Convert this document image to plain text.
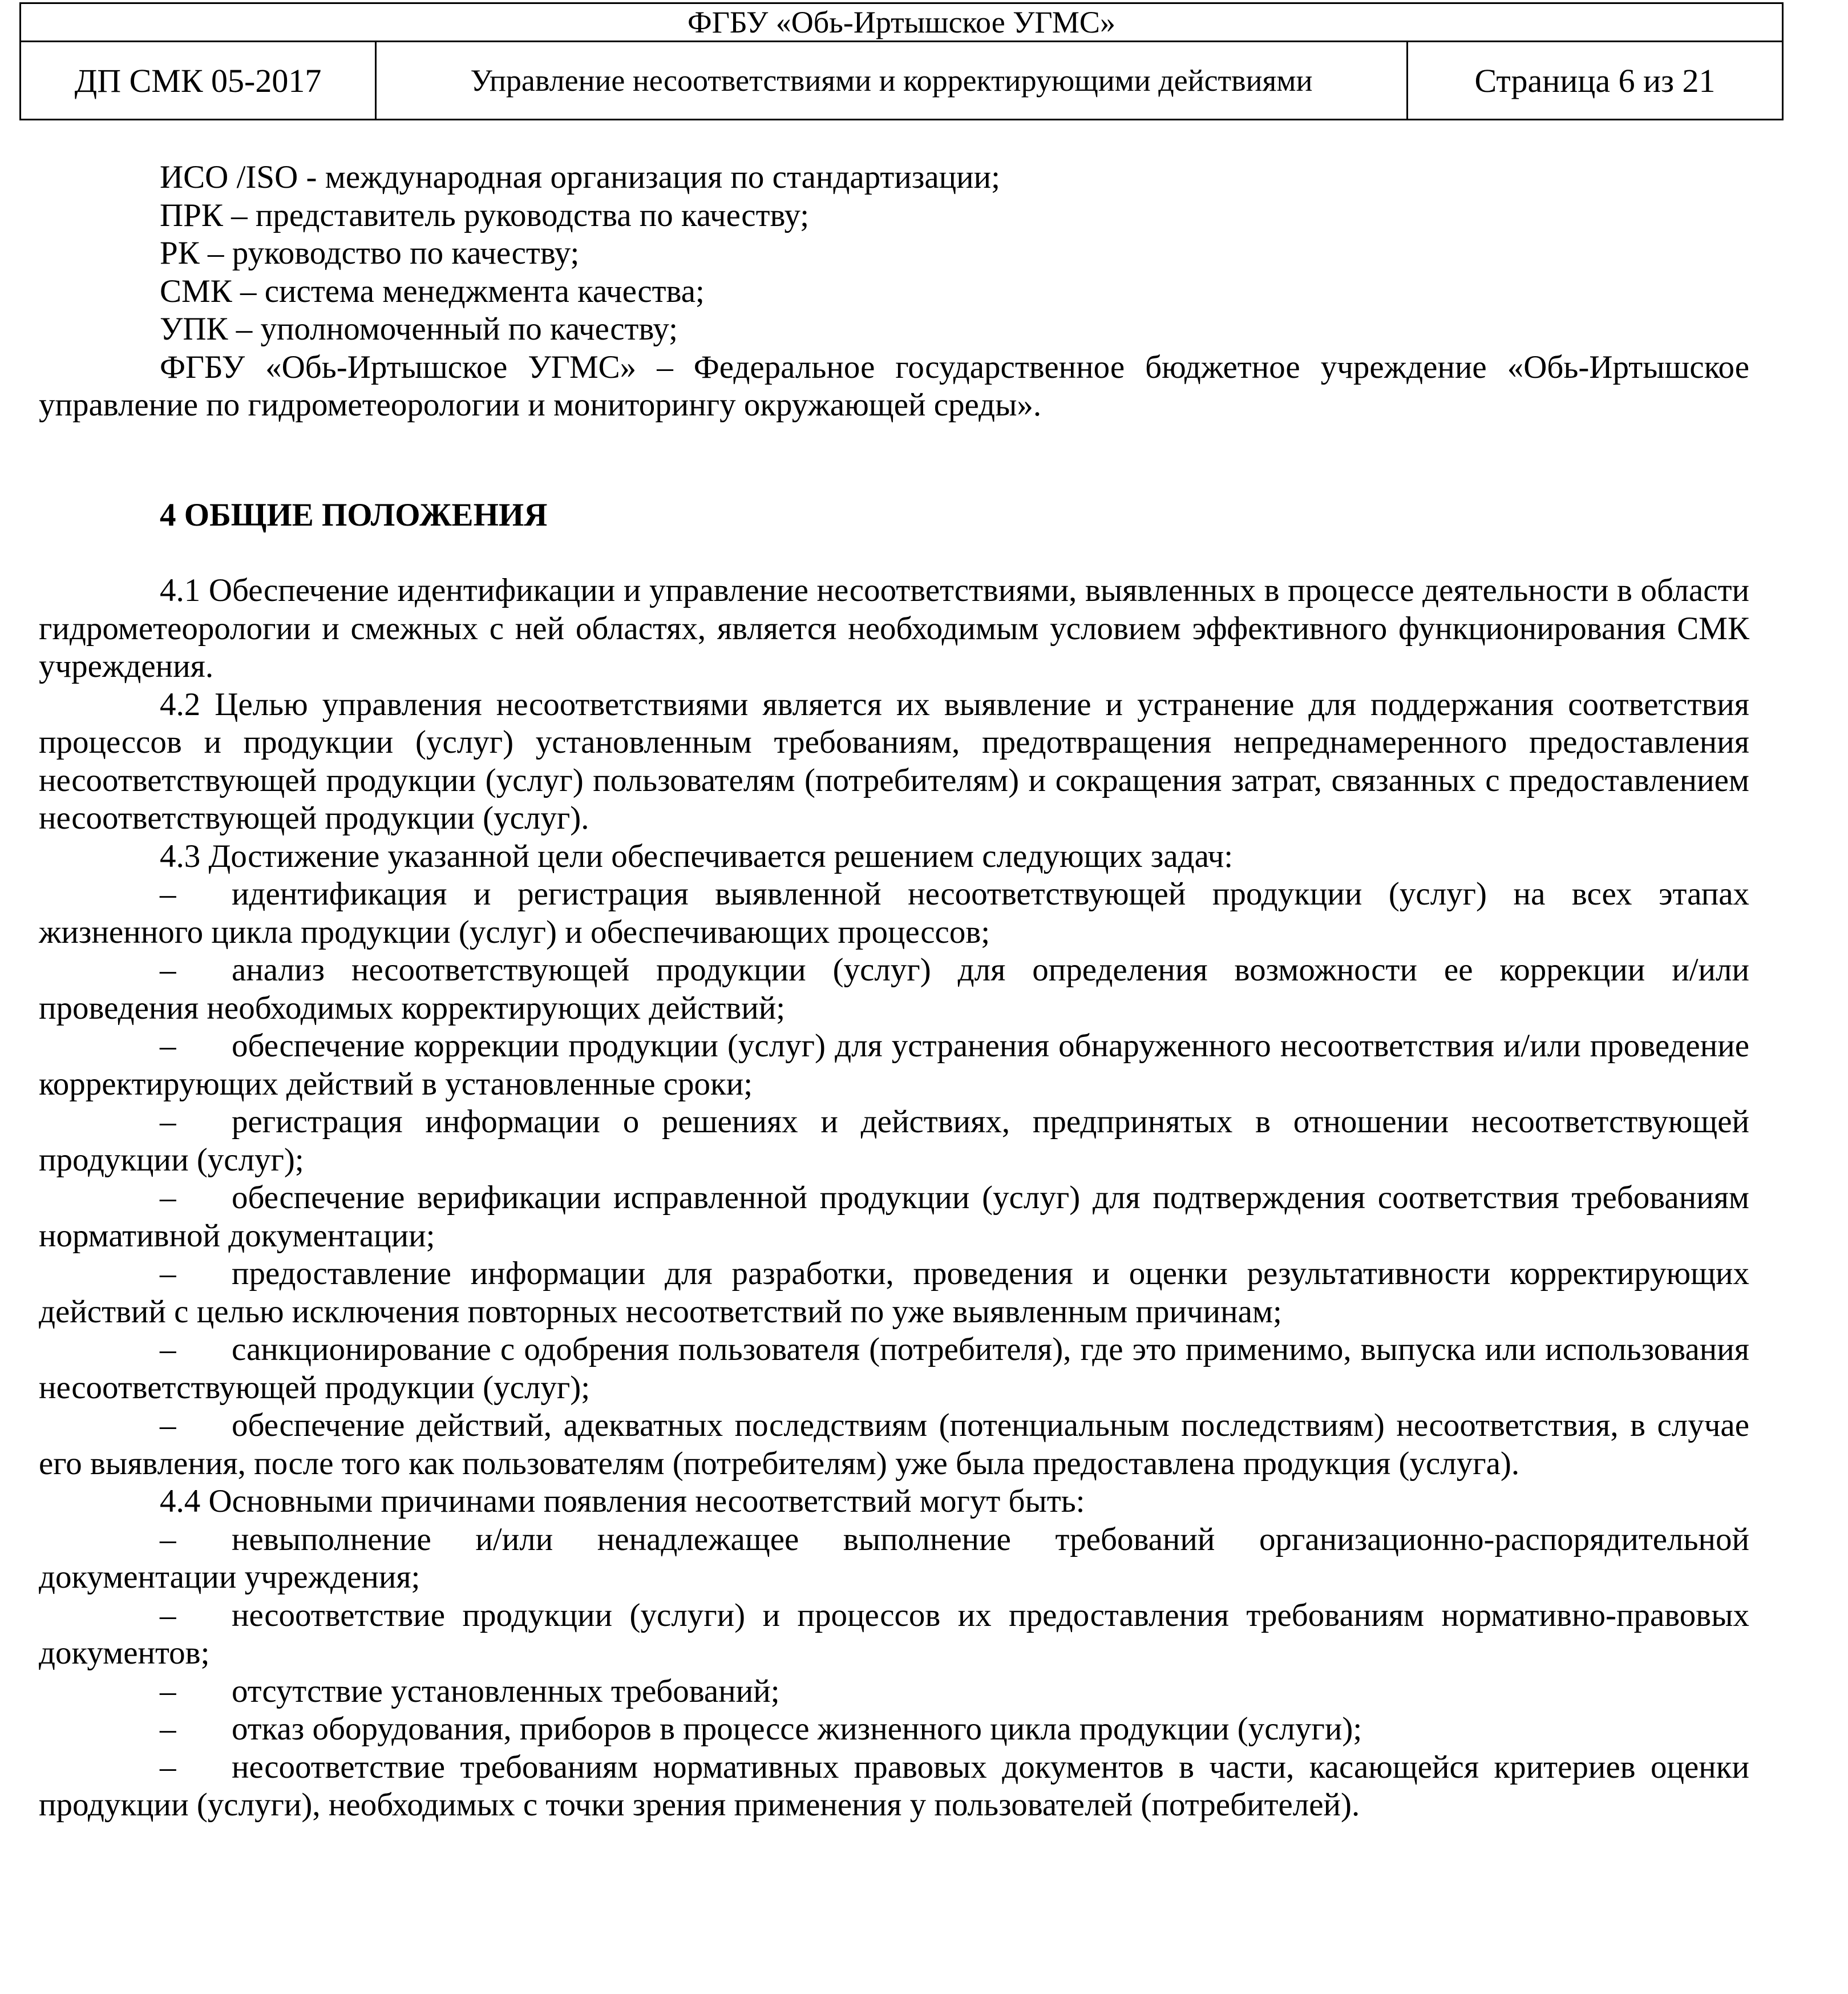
ФГБУ «Обь-Иртышское УГМС»
ДП СМК 05-2017	Управление несоответствиями и корректирующими действиями	Страница 6 из 21

ИСО /ISO - международная организация по стандартизации;

ПРК – представитель руководства по качеству;

РК – руководство по качеству;

СМК – система менеджмента качества;

УПК – уполномоченный по качеству;

ФГБУ «Обь-Иртышское УГМС» – Федеральное государственное бюджетное учреждение «Обь-Иртышское управление по гидрометеорологии и мониторингу окружающей среды».

4 ОБЩИЕ ПОЛОЖЕНИЯ

4.1 Обеспечение идентификации и управление несоответствиями, выявленных в процессе деятельности в области гидрометеорологии и смежных с ней областях, является необходимым условием эффективного функционирования СМК учреждения.

4.2 Целью управления несоответствиями является их выявление и устранение для поддержания соответствия процессов и продукции (услуг) установленным требованиям, предотвращения непреднамеренного предоставления несоответствующей продукции (услуг) пользователям (потребителям) и сокращения затрат, связанных с предоставлением несоответствующей продукции (услуг).

4.3 Достижение указанной цели обеспечивается решением следующих задач:

– идентификация и регистрация выявленной несоответствующей продукции (услуг) на всех этапах жизненного цикла продукции (услуг) и обеспечивающих процессов;

– анализ несоответствующей продукции (услуг) для определения возможности ее коррекции и/или проведения необходимых корректирующих действий;

– обеспечение коррекции продукции (услуг) для устранения обнаруженного несоответствия и/или проведение корректирующих действий в установленные сроки;

– регистрация информации о решениях и действиях, предпринятых в отношении несоответствующей продукции (услуг);

– обеспечение верификации исправленной продукции (услуг) для подтверждения соответствия требованиям нормативной документации;

– предоставление информации для разработки, проведения и оценки результативности корректирующих действий с целью исключения повторных несоответствий по уже выявленным причинам;

– санкционирование с одобрения пользователя (потребителя), где это применимо, выпуска или использования несоответствующей продукции (услуг);

– обеспечение действий, адекватных последствиям (потенциальным последствиям) несоответствия, в случае его выявления, после того как пользователям (потребителям) уже была предоставлена продукция (услуга).

4.4 Основными причинами появления несоответствий могут быть:

– невыполнение и/или ненадлежащее выполнение требований организационно-распорядительной документации учреждения;

– несоответствие продукции (услуги) и процессов их предоставления требованиям нормативно-правовых документов;

– отсутствие установленных требований;

– отказ оборудования, приборов в процессе жизненного цикла продукции (услуги);

– несоответствие требованиям нормативных правовых документов в части, касающейся критериев оценки продукции (услуги), необходимых с точки зрения применения у пользователей (потребителей).
